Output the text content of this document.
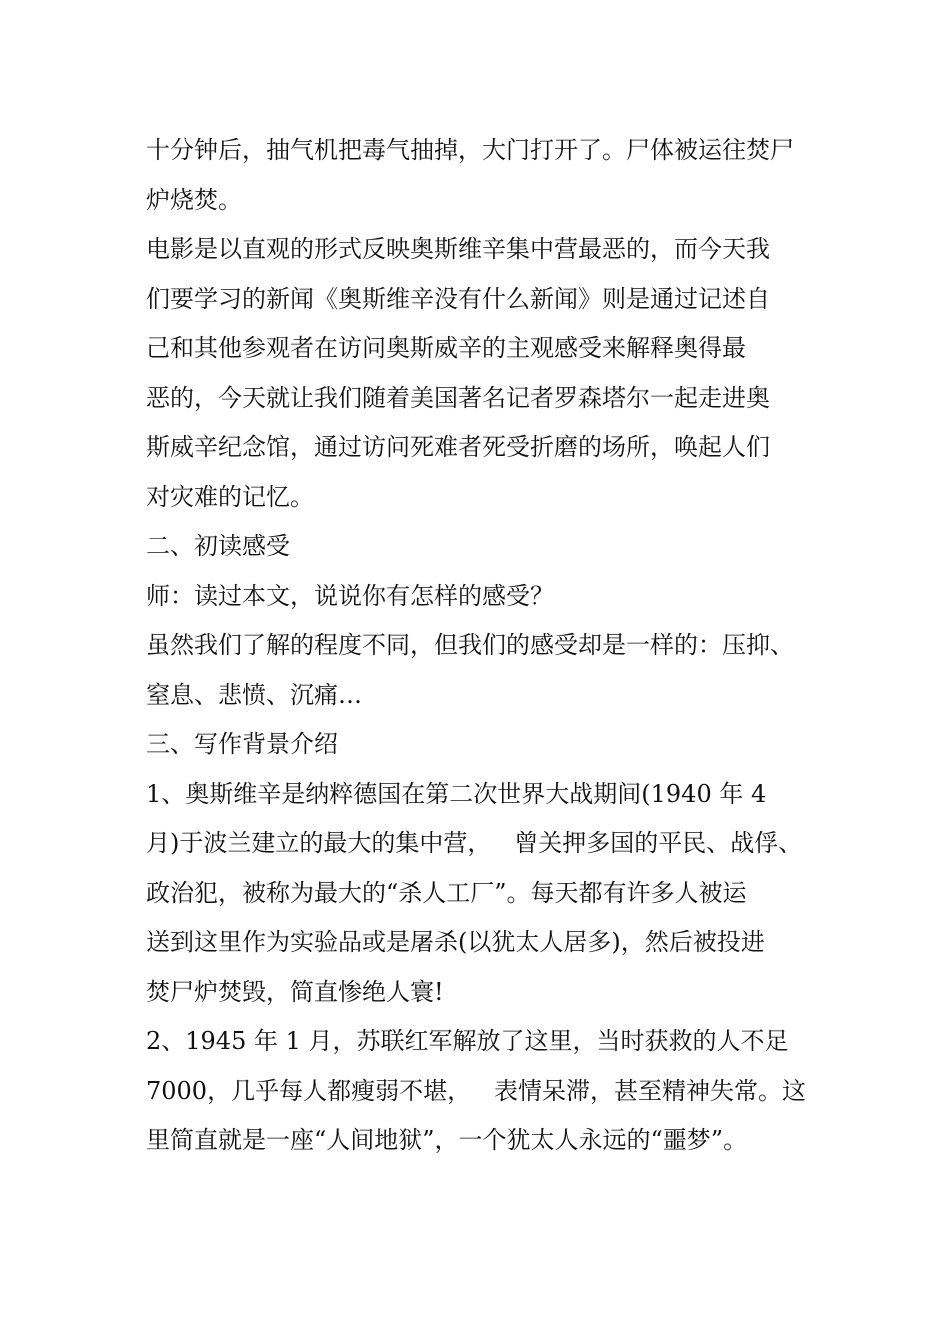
十分钟后，抽气机把毒气抽掉，大门打开了。尸体被运往焚尸
炉烧焚。
电影是以直观的形式反映奥斯维辛集中营最恶的，而今天我
们要学习的新闻《奥斯维辛没有什么新闻》则是通过记述自
己和其他参观者在访问奥斯威辛的主观感受来解释奥得最
恶的，今天就让我们随着美国著名记者罗森塔尔一起走进奥
斯威辛纪念馆，通过访问死难者死受折磨的场所，唤起人们
对灾难的记忆。
二、初读感受
师：读过本文，说说你有怎样的感受？
虽然我们了解的程度不同，但我们的感受却是一样的：压抑、
窒息、悲愤、沉痛…
三、写作背景介绍
1、奥斯维辛是纳粹德国在第二次世界大战期间(1940 年 4
月)于波兰建立的最大的集中营，   曾关押多国的平民、战俘、
政治犯，被称为最大的“杀人工厂”。每天都有许多人被运
送到这里作为实验品或是屠杀(以犹太人居多)，然后被投进
焚尸炉焚毁，简直惨绝人寰!
2、1945 年 1 月，苏联红军解放了这里，当时获救的人不足
7000，几乎每人都瘦弱不堪，   表情呆滞，甚至精神失常。这
里简直就是一座“人间地狱”，一个犹太人永远的“噩梦”。
